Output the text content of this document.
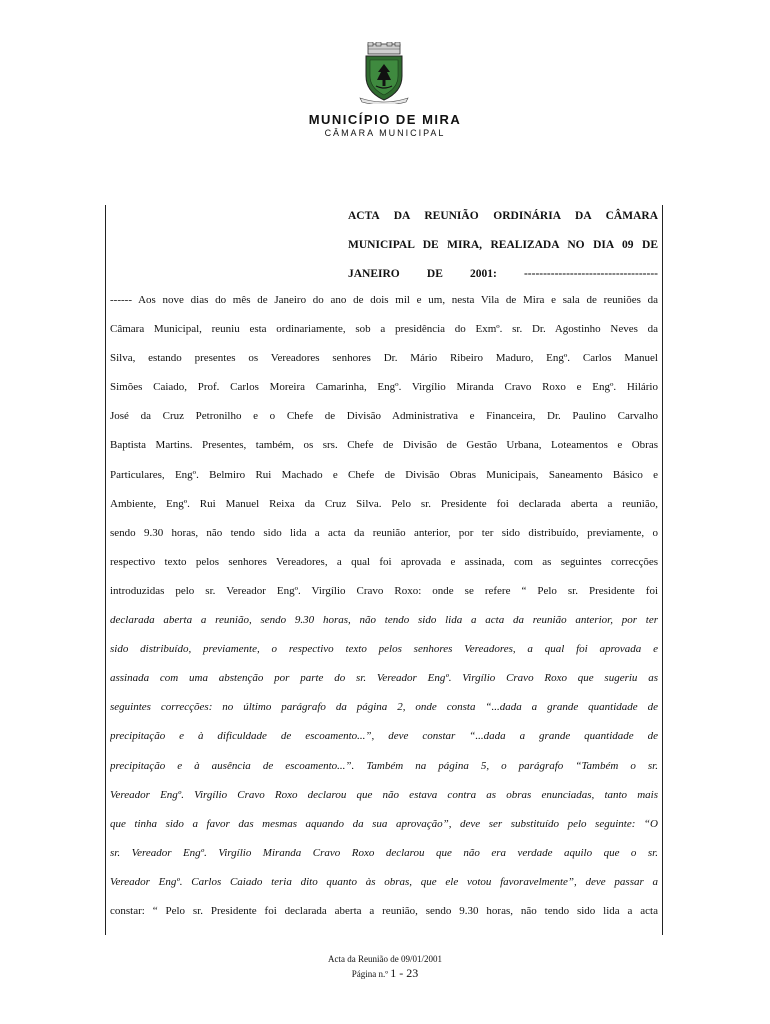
MUNICÍPIO DE MIRA
CÂMARA MUNICIPAL
ACTA DA REUNIÃO ORDINÁRIA DA CÂMARA
MUNICIPAL DE MIRA, REALIZADA NO DIA 09 DE
JANEIRO DE 2001: -----------------------------------
------ Aos nove dias do mês de Janeiro do ano de dois mil e um, nesta Vila de Mira e sala de reuniões da
Câmara Municipal, reuniu esta ordinariamente, sob a presidência do Exmº. sr. Dr. Agostinho Neves da
Silva, estando presentes os Vereadores senhores Dr. Mário Ribeiro Maduro, Engº. Carlos Manuel
Simões Caiado, Prof. Carlos Moreira Camarinha, Engº. Virgílio Miranda Cravo Roxo e Engº. Hilário
José da Cruz Petronilho e o Chefe de Divisão Administrativa e Financeira, Dr. Paulino Carvalho
Baptista Martins. Presentes, também, os srs. Chefe de Divisão de Gestão Urbana, Loteamentos e Obras
Particulares, Engº. Belmiro Rui Machado e Chefe de Divisão Obras Municipais, Saneamento Básico e
Ambiente, Engº. Rui Manuel Reixa da Cruz Silva. Pelo sr. Presidente foi declarada aberta a reunião,
sendo 9.30 horas, não tendo sido lida a acta da reunião anterior, por ter sido distribuído, previamente, o
respectivo texto pelos senhores Vereadores, a qual foi aprovada e assinada, com as seguintes correcções
introduzidas pelo sr. Vereador Engº. Virgílio Cravo Roxo: onde se refere “ Pelo sr. Presidente foi
declarada aberta a reunião, sendo 9.30 horas, não tendo sido lida a acta da reunião anterior, por ter
sido distribuído, previamente, o respectivo texto pelos senhores Vereadores, a qual foi aprovada e
assinada com uma abstenção por parte do sr. Vereador Engº. Virgílio Cravo Roxo que sugeriu as
seguintes correcções: no último parágrafo da página 2, onde consta “...dada a grande quantidade de
precipitação e à dificuldade de escoamento...”, deve constar “...dada a grande quantidade de
precipitação e à ausência de escoamento...”. Também na página 5, o parágrafo “Também o sr.
Vereador Engº. Virgílio Cravo Roxo declarou que não estava contra as obras enunciadas, tanto mais
que tinha sido a favor das mesmas aquando da sua aprovação”, deve ser substituído pelo seguinte: “O
sr. Vereador Engº. Virgílio Miranda Cravo Roxo declarou que não era verdade aquilo que o sr.
Vereador Engº. Carlos Caiado teria dito quanto às obras, que ele votou favoravelmente”, deve passar a
constar: “ Pelo sr. Presidente foi declarada aberta a reunião, sendo 9.30 horas, não tendo sido lida a acta
Acta da Reunião de 09/01/2001
Página n.º 1 - 23
